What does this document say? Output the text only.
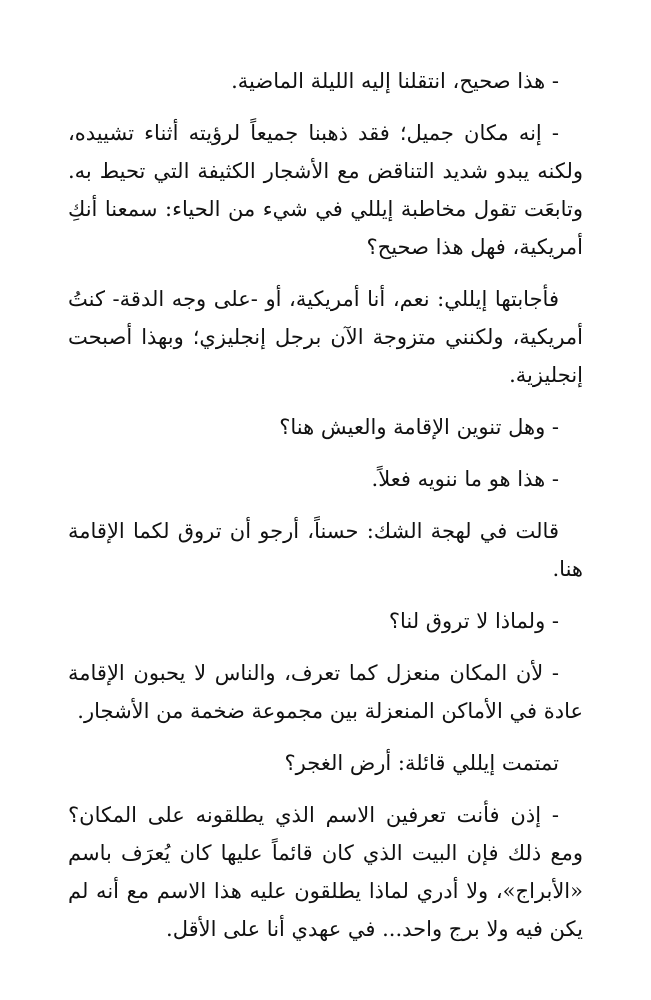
- هذا صحيح، انتقلنا إليه الليلة الماضية.

- إنه مكان جميل؛ فقد ذهبنا جميعاً لرؤيته أثناء تشييده، ولكنه يبدو شديد التناقض مع الأشجار الكثيفة التي تحيط به. وتابعَت تقول مخاطبة إيللي في شيء من الحياء: سمعنا أنكِ أمريكية، فهل هذا صحيح؟

فأجابتها إيللي: نعم، أنا أمريكية، أو -على وجه الدقة- كنتُ أمريكية، ولكنني متزوجة الآن برجل إنجليزي؛ وبهذا أصبحت إنجليزية.

- وهل تنوين الإقامة والعيش هنا؟

- هذا هو ما ننويه فعلاً.

قالت في لهجة الشك: حسناً، أرجو أن تروق لكما الإقامة هنا.

- ولماذا لا تروق لنا؟

- لأن المكان منعزل كما تعرف، والناس لا يحبون الإقامة عادة في الأماكن المنعزلة بين مجموعة ضخمة من الأشجار.

تمتمت إيللي قائلة: أرض الغجر؟

- إذن فأنت تعرفين الاسم الذي يطلقونه على المكان؟ ومع ذلك فإن البيت الذي كان قائماً عليها كان يُعرَف باسم «الأبراج»، ولا أدري لماذا يطلقون عليه هذا الاسم مع أنه لم يكن فيه ولا برج واحد... في عهدي أنا على الأقل.
